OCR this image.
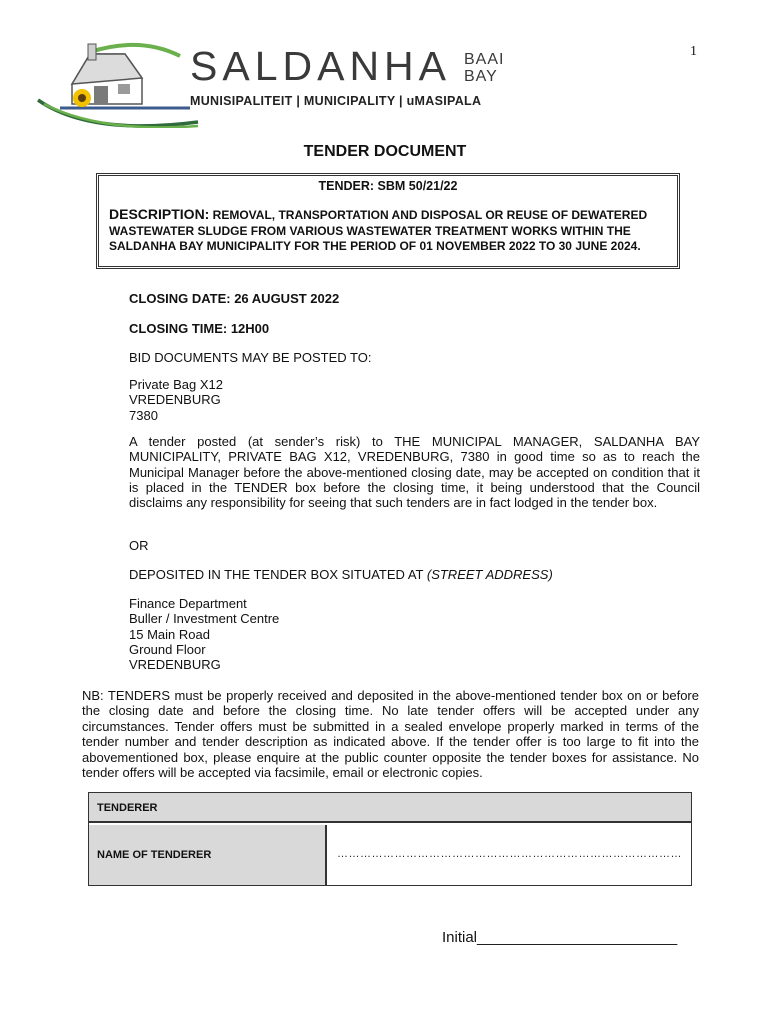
1
SALDANHA BAAI
BAY
MUNISIPALITEIT | MUNICIPALITY | uMASIPALA
TENDER DOCUMENT
TENDER: SBM 50/21/22
DESCRIPTION: REMOVAL, TRANSPORTATION AND DISPOSAL OR REUSE OF DEWATERED WASTEWATER SLUDGE FROM VARIOUS WASTEWATER TREATMENT WORKS WITHIN THE SALDANHA BAY MUNICIPALITY FOR THE PERIOD OF 01 NOVEMBER 2022 TO 30 JUNE 2024.
CLOSING DATE: 26 AUGUST 2022
CLOSING TIME: 12H00
BID DOCUMENTS MAY BE POSTED TO:
Private Bag X12
VREDENBURG
7380
A tender posted (at sender’s risk) to THE MUNICIPAL MANAGER, SALDANHA BAY MUNICIPALITY, PRIVATE BAG X12, VREDENBURG, 7380 in good time so as to reach the Municipal Manager before the above-mentioned closing date, may be accepted on condition that it is placed in the TENDER box before the closing time, it being understood that the Council disclaims any responsibility for seeing that such tenders are in fact lodged in the tender box.
OR
DEPOSITED IN THE TENDER BOX SITUATED AT (STREET ADDRESS)
Finance Department
Buller / Investment Centre
15 Main Road
Ground Floor
VREDENBURG
NB: TENDERS must be properly received and deposited in the above-mentioned tender box on or before the closing date and before the closing time. No late tender offers will be accepted under any circumstances. Tender offers must be submitted in a sealed envelope properly marked in terms of the tender number and tender description as indicated above. If the tender offer is too large to fit into the abovementioned box, please enquire at the public counter opposite the tender boxes for assistance. No tender offers will be accepted via facsimile, email or electronic copies.
TENDERER
NAME OF TENDERER	………………………………………………………………………………
Initial________________________
